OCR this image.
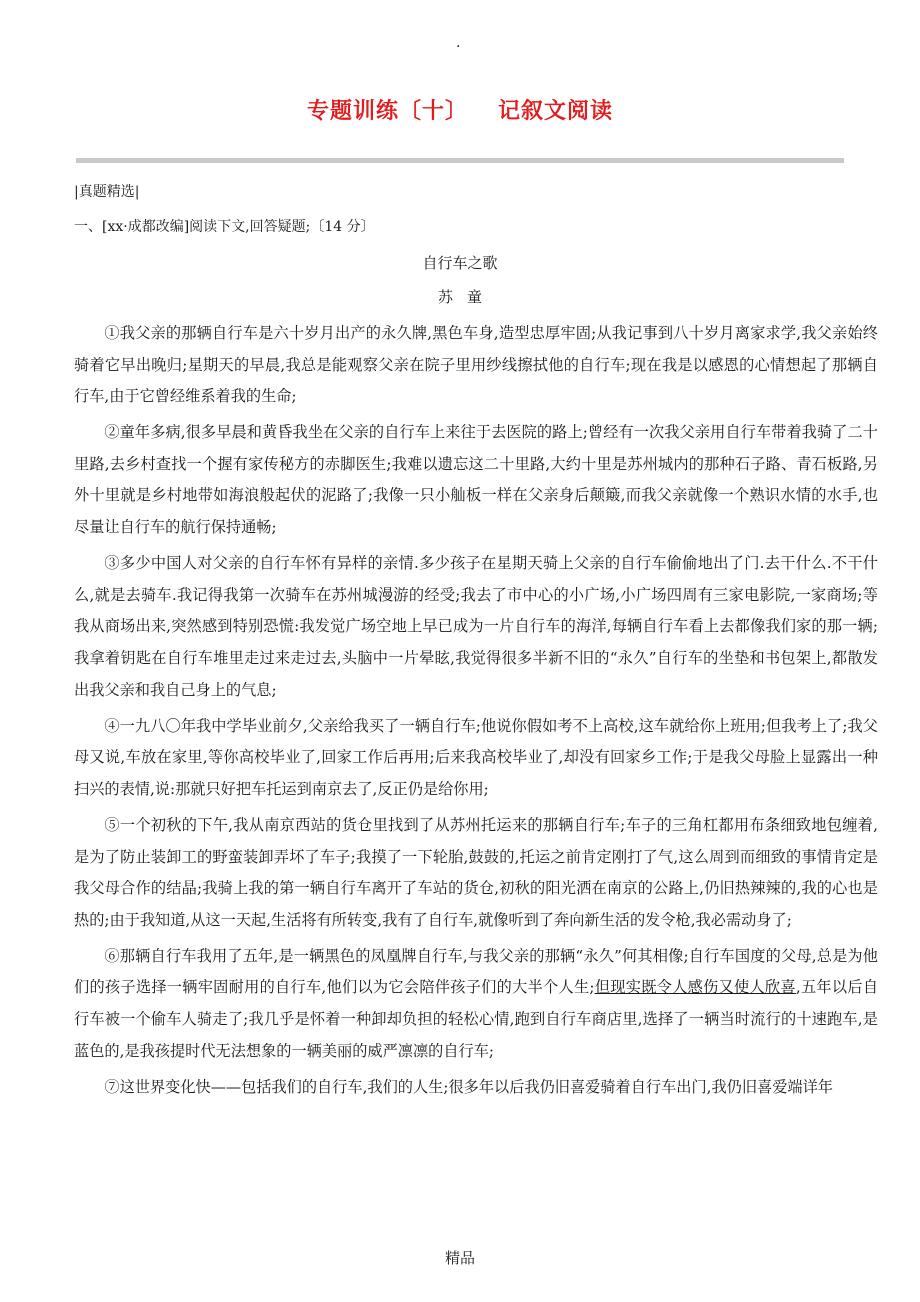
.
专题训练〔十〕 记叙文阅读
|真题精选|
一、[xx·成都改编]阅读下文,回答疑题;〔14 分〕
自行车之歌
苏童

①我父亲的那辆自行车是六十岁月出产的永久牌,黑色车身,造型忠厚牢固;从我记事到八十岁月离家求学,我父亲始终骑着它早出晚归;星期天的早晨,我总是能观察父亲在院子里用纱线擦拭他的自行车;现在我是以感恩的心情想起了那辆自行车,由于它曾经维系着我的生命;

②童年多病,很多早晨和黄昏我坐在父亲的自行车上来往于去医院的路上;曾经有一次我父亲用自行车带着我骑了二十里路,去乡村查找一个握有家传秘方的赤脚医生;我难以遗忘这二十里路,大约十里是苏州城内的那种石子路、青石板路,另外十里就是乡村地带如海浪般起伏的泥路了;我像一只小舢板一样在父亲身后颠簸,而我父亲就像一个熟识水情的水手,也尽量让自行车的航行保持通畅;

③多少中国人对父亲的自行车怀有异样的亲情.多少孩子在星期天骑上父亲的自行车偷偷地出了门.去干什么.不干什么,就是去骑车.我记得我第一次骑车在苏州城漫游的经受;我去了市中心的小广场,小广场四周有三家电影院,一家商场;等我从商场出来,突然感到特别恐慌:我发觉广场空地上早已成为一片自行车的海洋,每辆自行车看上去都像我们家的那一辆;我拿着钥匙在自行车堆里走过来走过去,头脑中一片晕眩,我觉得很多半新不旧的“永久”自行车的坐垫和书包架上,都散发出我父亲和我自己身上的气息;

④一九八〇年我中学毕业前夕,父亲给我买了一辆自行车;他说你假如考不上高校,这车就给你上班用;但我考上了;我父母又说,车放在家里,等你高校毕业了,回家工作后再用;后来我高校毕业了,却没有回家乡工作;于是我父母脸上显露出一种扫兴的表情,说:那就只好把车托运到南京去了,反正仍是给你用;

⑤一个初秋的下午,我从南京西站的货仓里找到了从苏州托运来的那辆自行车;车子的三角杠都用布条细致地包缠着,是为了防止装卸工的野蛮装卸弄坏了车子;我摸了一下轮胎,鼓鼓的,托运之前肯定刚打了气,这么周到而细致的事情肯定是我父母合作的结晶;我骑上我的第一辆自行车离开了车站的货仓,初秋的阳光洒在南京的公路上,仍旧热辣辣的,我的心也是热的;由于我知道,从这一天起,生活将有所转变,我有了自行车,就像听到了奔向新生活的发令枪,我必需动身了;

⑥那辆自行车我用了五年,是一辆黑色的凤凰牌自行车,与我父亲的那辆“永久”何其相像;自行车国度的父母,总是为他们的孩子选择一辆牢固耐用的自行车,他们以为它会陪伴孩子们的大半个人生;但现实既令人感伤又使人欣喜,五年以后自行车被一个偷车人骑走了;我几乎是怀着一种卸却负担的轻松心情,跑到自行车商店里,选择了一辆当时流行的十速跑车,是蓝色的,是我孩提时代无法想象的一辆美丽的威严凛凛的自行车;

⑦这世界变化快——包括我们的自行车,我们的人生;很多年以后我仍旧喜爱骑着自行车出门,我仍旧喜爱端详年

精品
